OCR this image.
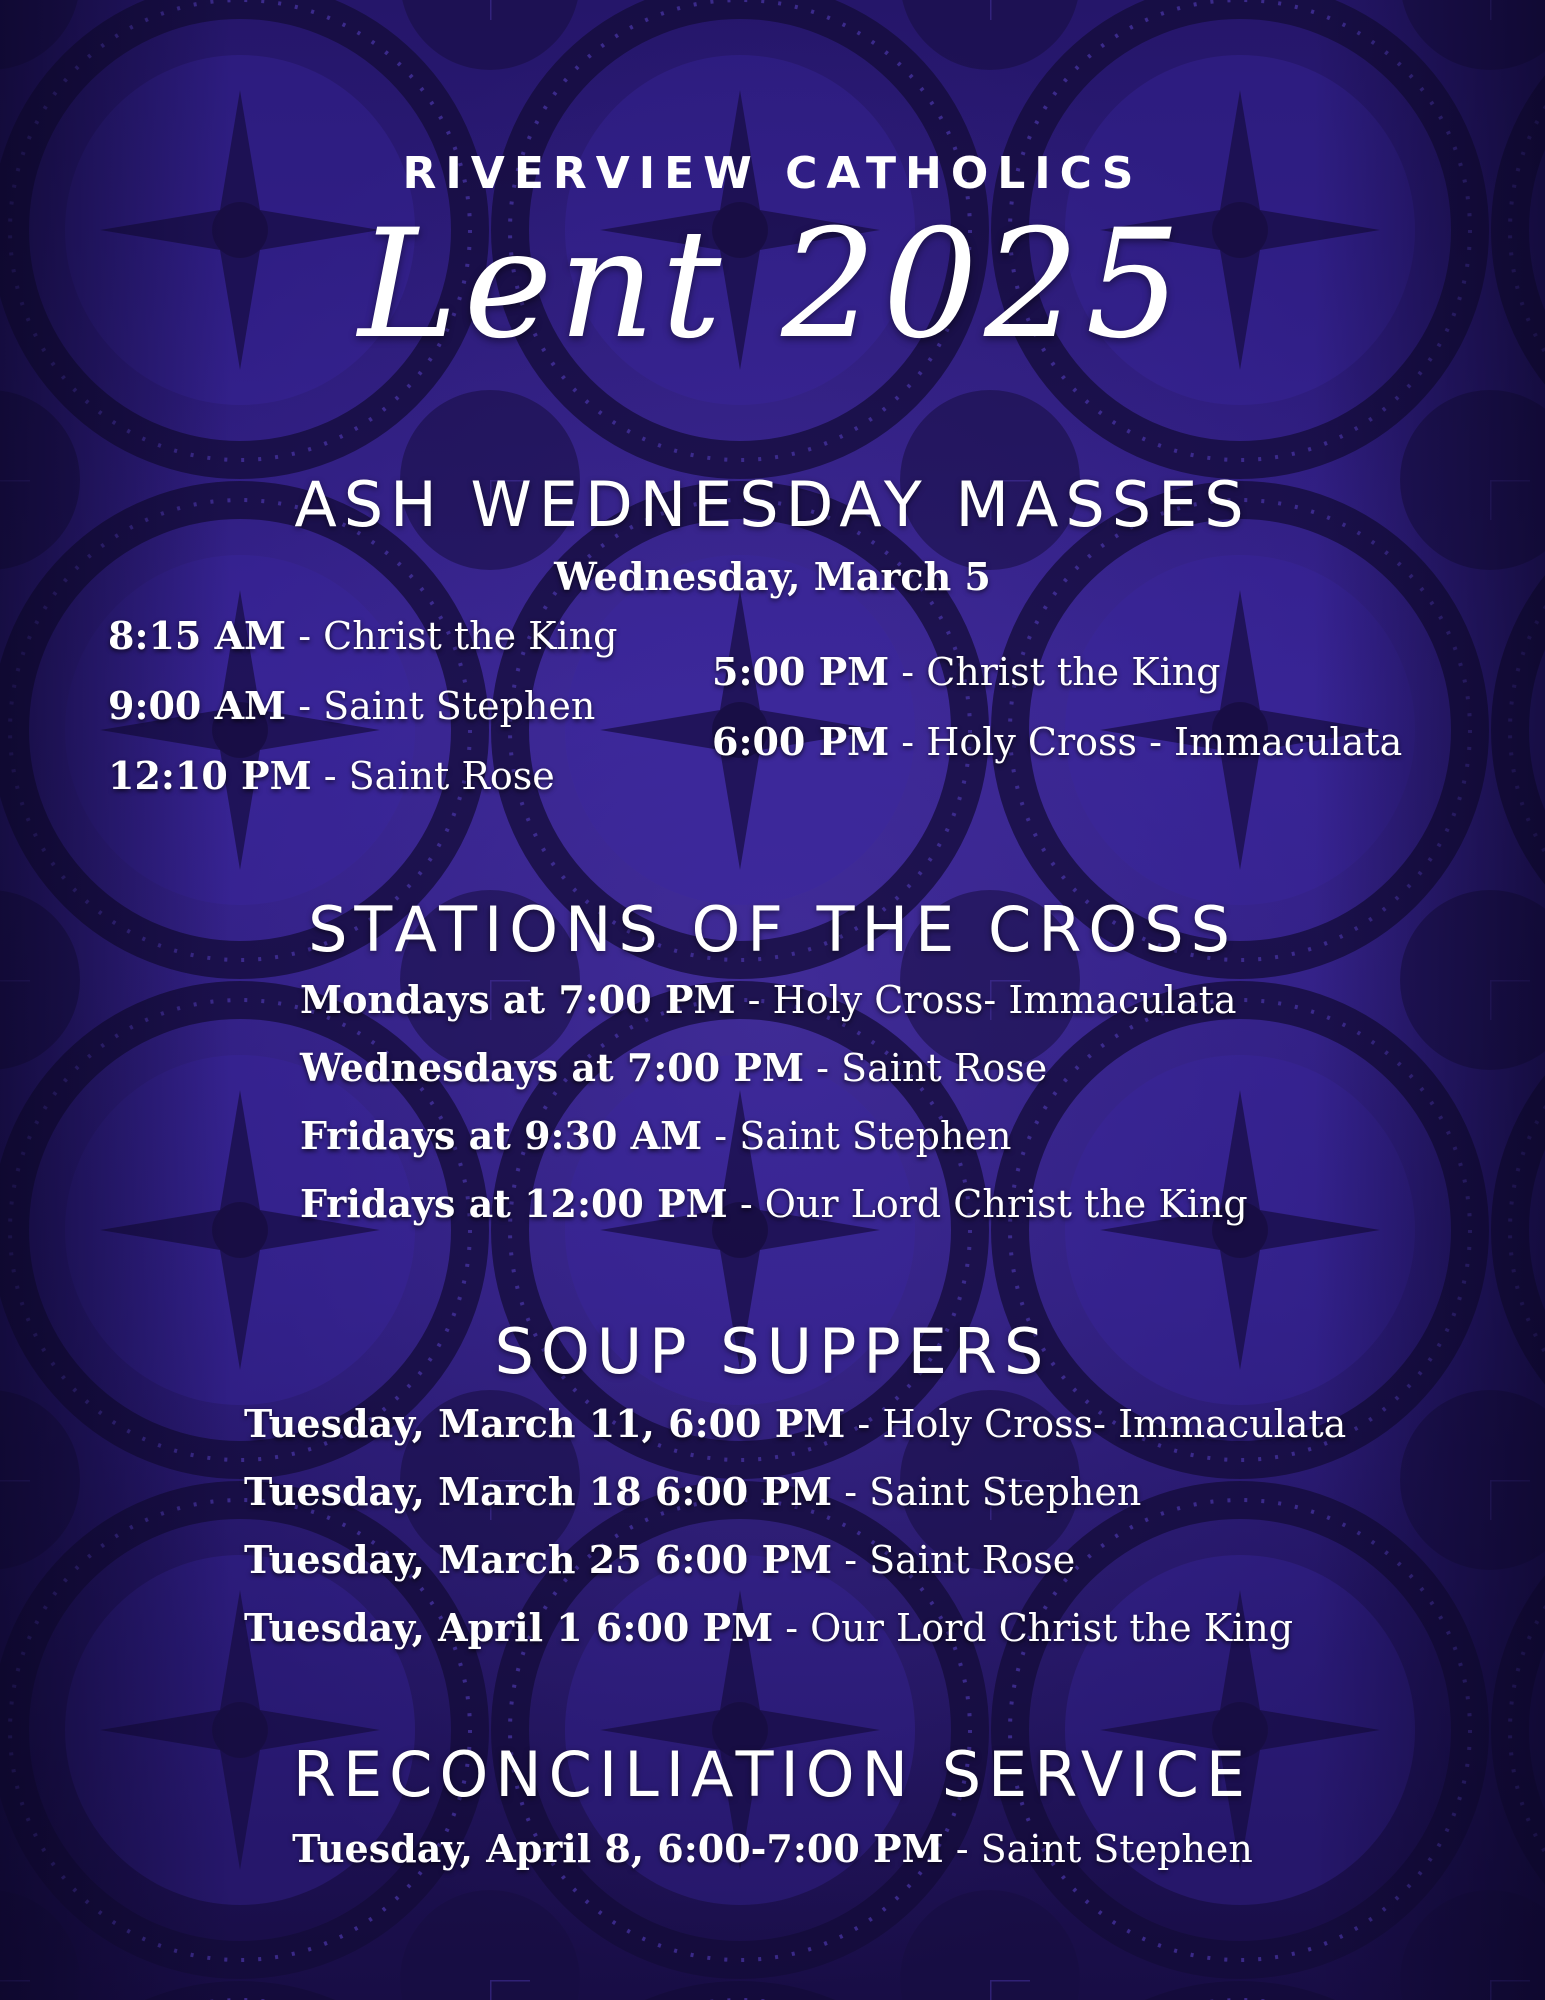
RIVERVIEW CATHOLICS
Lent 2025
ASH WEDNESDAY MASSES
Wednesday, March 5
8:15 AM - Christ the King
9:00 AM - Saint Stephen
12:10 PM - Saint Rose
5:00 PM - Christ the King
6:00 PM - Holy Cross - Immaculata
STATIONS OF THE CROSS
Mondays at 7:00 PM - Holy Cross- Immaculata
Wednesdays at 7:00 PM - Saint Rose
Fridays at 9:30 AM - Saint Stephen
Fridays at 12:00 PM - Our Lord Christ the King
SOUP SUPPERS
Tuesday, March 11, 6:00 PM - Holy Cross- Immaculata
Tuesday, March 18 6:00 PM - Saint Stephen
Tuesday, March 25 6:00 PM - Saint Rose
Tuesday, April 1 6:00 PM - Our Lord Christ the King
RECONCILIATION SERVICE
Tuesday, April 8, 6:00-7:00 PM - Saint Stephen
